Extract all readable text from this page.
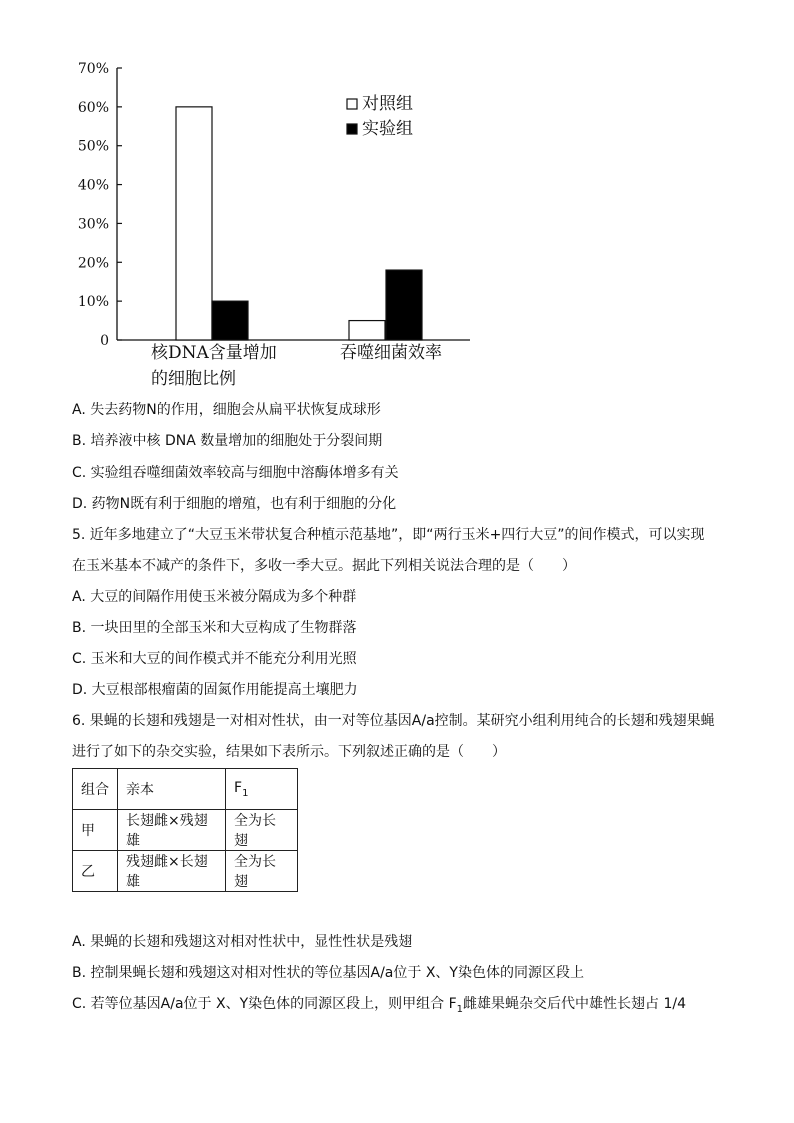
0
10%
20%
30%
40%
50%
60%
70%
对照组
实验组
核DNA含量增加
的细胞比例
吞噬细菌效率
A. 失去药物N的作用，细胞会从扁平状恢复成球形
B. 培养液中核 DNA 数量增加的细胞处于分裂间期
C. 实验组吞噬细菌效率较高与细胞中溶酶体增多有关
D. 药物N既有利于细胞的增殖，也有利于细胞的分化
5. 近年多地建立了“大豆玉米带状复合种植示范基地”，即“两行玉米+四行大豆”的间作模式，可以实现
在玉米基本不减产的条件下，多收一季大豆。据此下列相关说法合理的是（　　）
A. 大豆的间隔作用使玉米被分隔成为多个种群
B. 一块田里的全部玉米和大豆构成了生物群落
C. 玉米和大豆的间作模式并不能充分利用光照
D. 大豆根部根瘤菌的固氮作用能提高土壤肥力
6. 果蝇的长翅和残翅是一对相对性状，由一对等位基因A/a控制。某研究小组利用纯合的长翅和残翅果蝇
进行了如下的杂交实验，结果如下表所示。下列叙述正确的是（　　）
组合	亲本	$F_1$
甲	长翅雌×残翅雄	全为长翅
乙	残翅雌×长翅雄	全为长翅
A. 果蝇的长翅和残翅这对相对性状中，显性性状是残翅
B. 控制果蝇长翅和残翅这对相对性状的等位基因A/a位于 X、Y染色体的同源区段上
C. 若等位基因A/a位于 X、Y染色体的同源区段上，则甲组合 $F_1$雌雄果蝇杂交后代中雄性长翅占 1/4
